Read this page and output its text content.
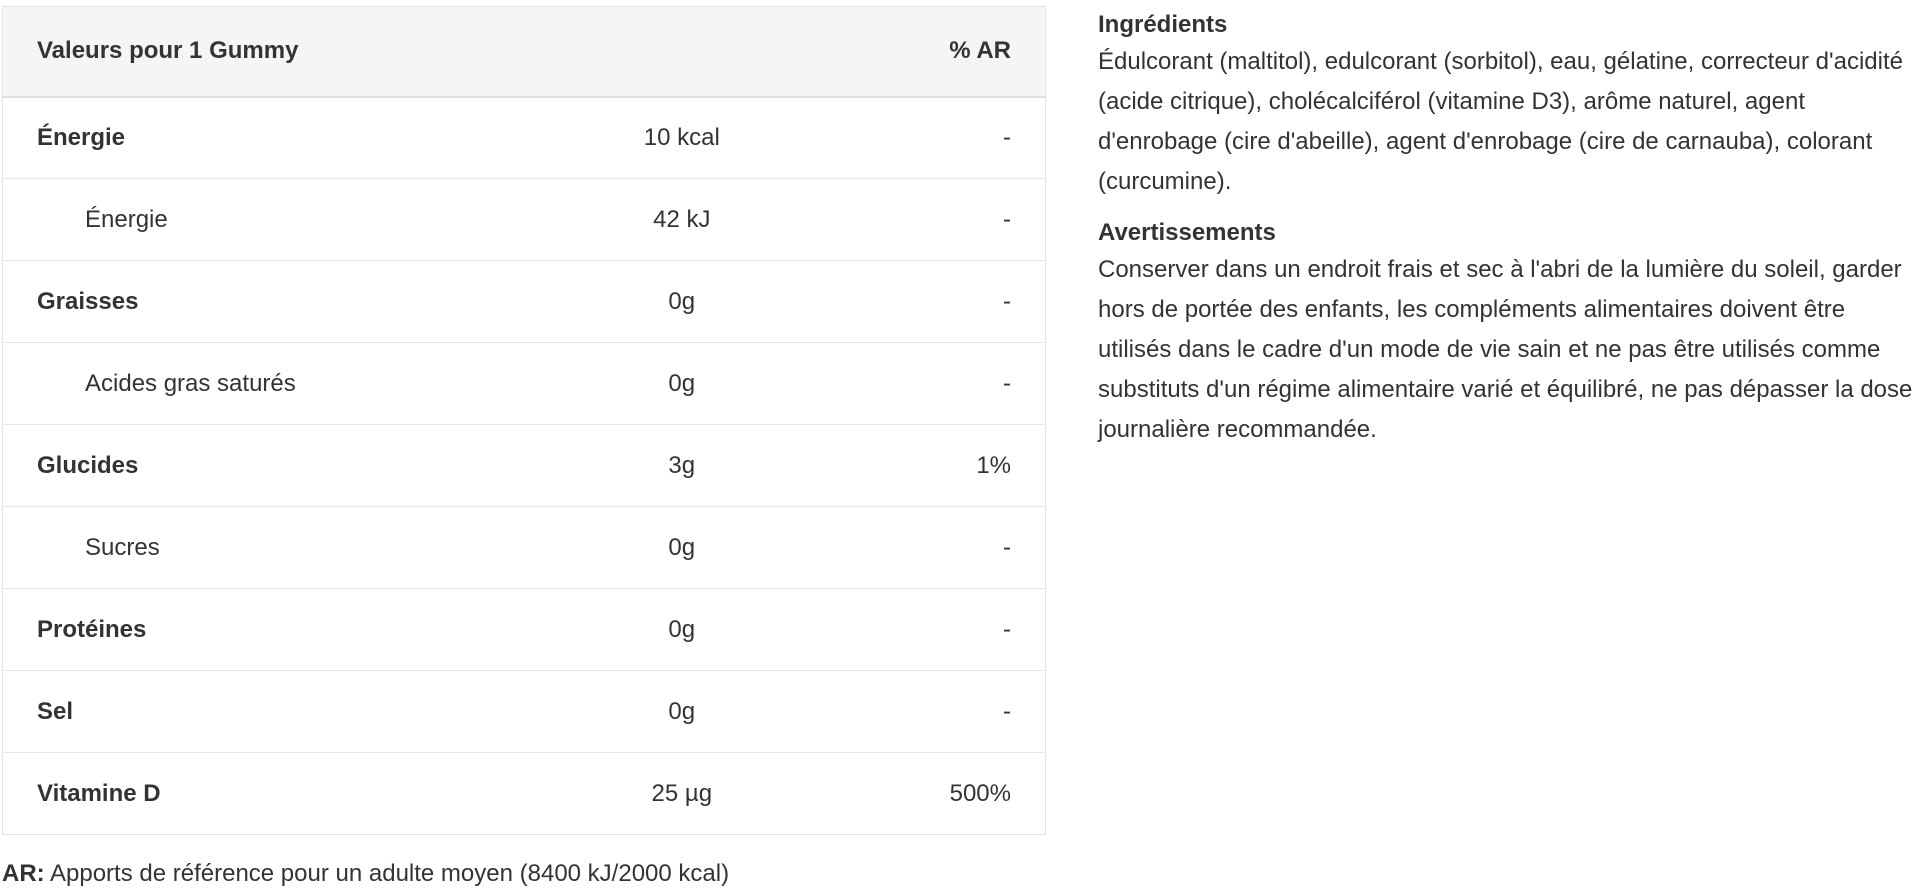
Valeurs pour 1 Gummy		% AR
Énergie	10 kcal	-
Énergie	42 kJ	-
Graisses	0g	-
Acides gras saturés	0g	-
Glucides	3g	1%
Sucres	0g	-
Protéines	0g	-
Sel	0g	-
Vitamine D	25 µg	500%
AR: Apports de référence pour un adulte moyen (8400 kJ/2000 kcal)
Ingrédients
Édulcorant (maltitol), edulcorant (sorbitol), eau, gélatine, correcteur d'acidité (acide citrique), cholécalciférol (vitamine D3), arôme naturel, agent d'enrobage (cire d'abeille), agent d'enrobage (cire de carnauba), colorant (curcumine).
Avertissements
Conserver dans un endroit frais et sec à l'abri de la lumière du soleil, garder hors de portée des enfants, les compléments alimentaires doivent être utilisés dans le cadre d'un mode de vie sain et ne pas être utilisés comme substituts d'un régime alimentaire varié et équilibré, ne pas dépasser la dose journalière recommandée.
